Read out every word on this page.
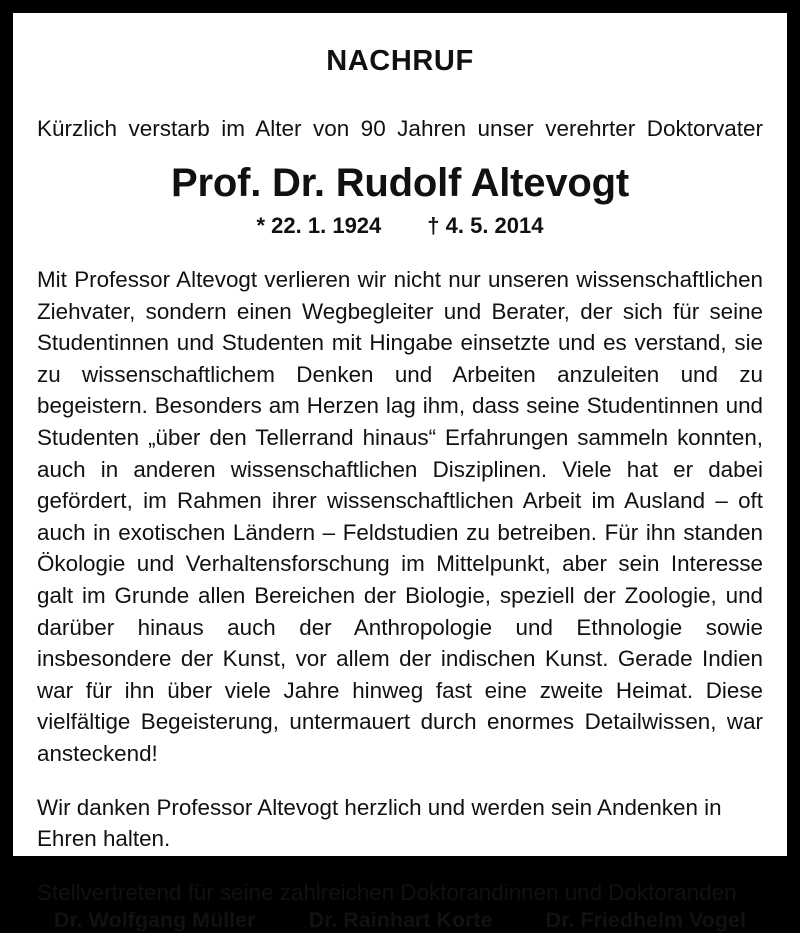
NACHRUF
Kürzlich verstarb im Alter von 90 Jahren unser verehrter Doktorvater
Prof. Dr. Rudolf Altevogt
* 22. 1. 1924 † 4. 5. 2014

Mit Professor Altevogt verlieren wir nicht nur unseren wissenschaftlichen Ziehvater, sondern einen Wegbegleiter und Berater, der sich für seine Studentinnen und Studenten mit Hingabe einsetzte und es verstand, sie zu wissenschaftlichem Denken und Arbeiten anzuleiten und zu begeistern. Besonders am Herzen lag ihm, dass seine Studentinnen und Studenten „über den Tellerrand hinaus“ Erfahrungen sammeln konnten, auch in anderen wissenschaftlichen Disziplinen. Viele hat er dabei gefördert, im Rahmen ihrer wissenschaftlichen Arbeit im Ausland – oft auch in exotischen Ländern – Feldstudien zu betreiben. Für ihn standen Ökologie und Verhaltensforschung im Mittelpunkt, aber sein Interesse galt im Grunde allen Bereichen der Biologie, speziell der Zoologie, und darüber hinaus auch der Anthropologie und Ethnologie sowie insbesondere der Kunst, vor allem der indischen Kunst. Gerade Indien war für ihn über viele Jahre hinweg fast eine zweite Heimat. Diese vielfältige Begeisterung, untermauert durch enormes Detailwissen, war ansteckend!

Wir danken Professor Altevogt herzlich und werden sein Andenken in Ehren halten.

Stellvertretend für seine zahlreichen Doktorandinnen und Doktoranden

Dr. Wolfgang Müller Dr. Rainhart Korte Dr. Friedhelm Vogel
